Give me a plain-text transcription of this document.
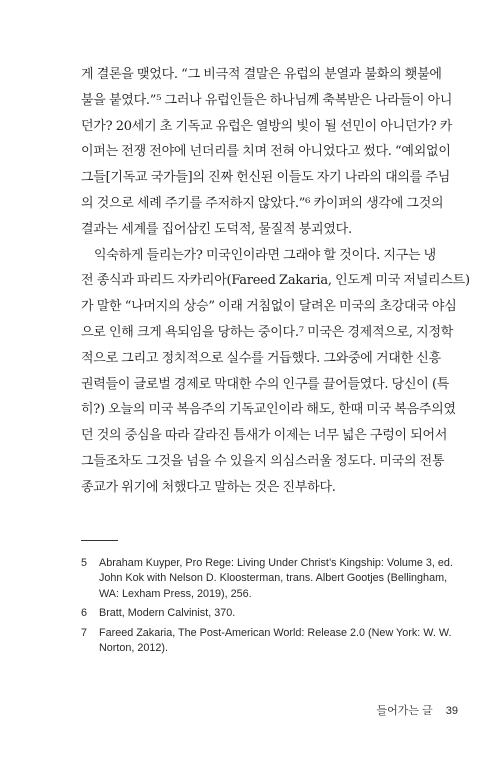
게 결론을 맺었다. “그 비극적 결말은 유럽의 분열과 불화의 횃불에
불을 붙였다.”⁵ 그러나 유럽인들은 하나님께 축복받은 나라들이 아니
던가? 20세기 초 기독교 유럽은 열방의 빛이 될 선민이 아니던가? 카
이퍼는 전쟁 전야에 넌더리를 치며 전혀 아니었다고 썼다. “예외없이
그들[기독교 국가들]의 진짜 헌신된 이들도 자기 나라의 대의를 주님
의 것으로 세례 주기를 주저하지 않았다.”⁶ 카이퍼의 생각에 그것의
결과는 세계를 집어삼킨 도덕적, 물질적 붕괴였다.

익숙하게 들리는가? 미국인이라면 그래야 할 것이다. 지구는 냉
전 종식과 파리드 자카리아(Fareed Zakaria, 인도계 미국 저널리스트)
가 말한 “나머지의 상승” 이래 거침없이 달려온 미국의 초강대국 야심
으로 인해 크게 욕되임을 당하는 중이다.⁷ 미국은 경제적으로, 지정학
적으로 그리고 정치적으로 실수를 거듭했다. 그와중에 거대한 신흥
권력들이 글로벌 경제로 막대한 수의 인구를 끌어들였다. 당신이 (특
히?) 오늘의 미국 복음주의 기독교인이라 해도, 한때 미국 복음주의였
던 것의 중심을 따라 갈라진 틈새가 이제는 너무 넓은 구렁이 되어서
그들조차도 그것을 넘을 수 있을지 의심스러울 정도다. 미국의 전통
종교가 위기에 처했다고 말하는 것은 진부하다.

5 Abraham Kuyper, Pro Rege: Living Under Christ’s Kingship: Volume 3, ed.
John Kok with Nelson D. Kloosterman, trans. Albert Gootjes (Bellingham,
WA: Lexham Press, 2019), 256.
6 Bratt, Modern Calvinist, 370.
7 Fareed Zakaria, The Post-American World: Release 2.0 (New York: W. W.
Norton, 2012).
들어가는 글 39
